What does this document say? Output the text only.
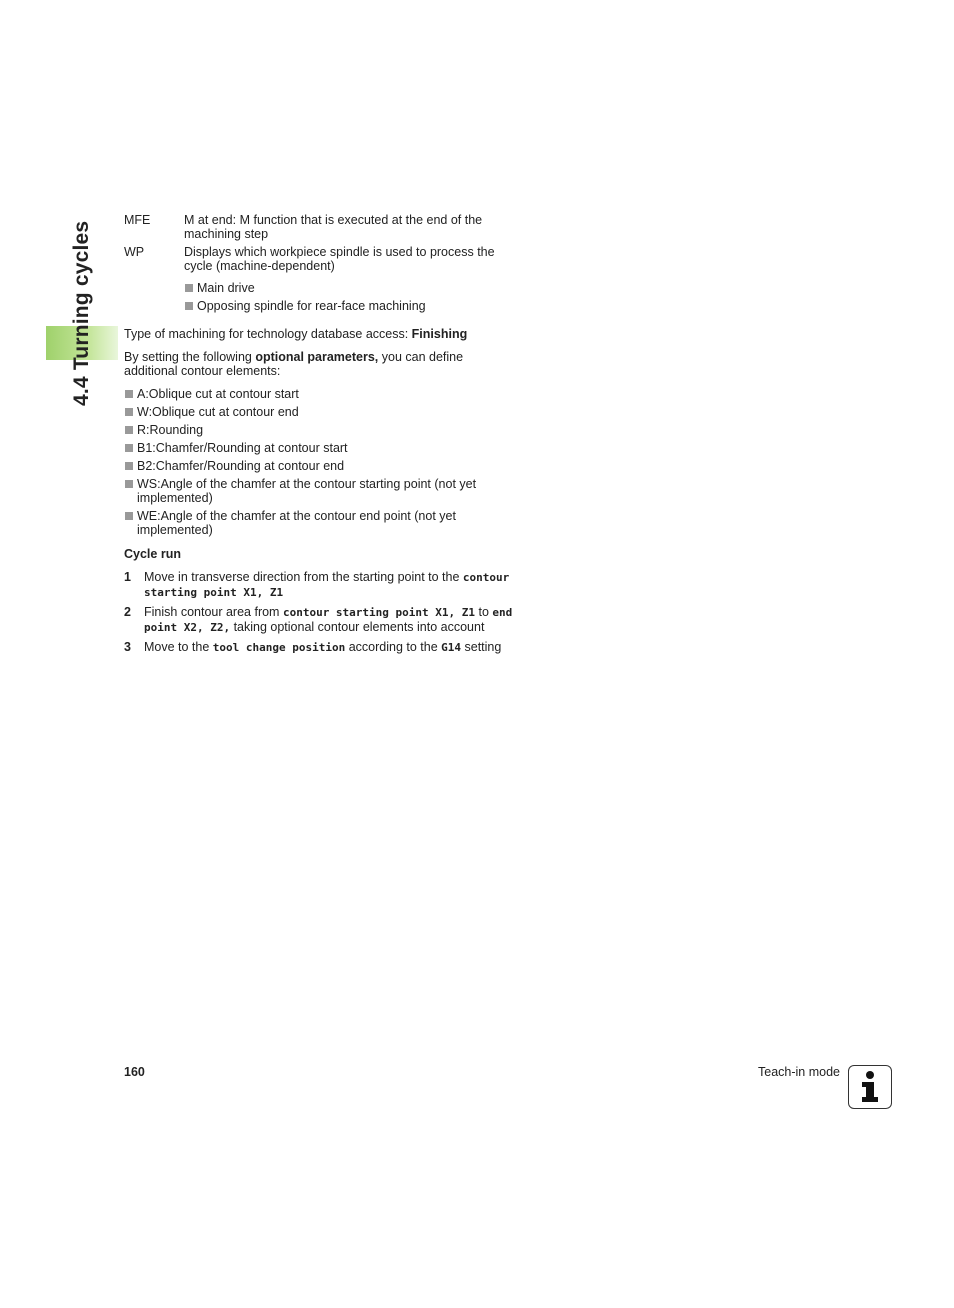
4.4 Turning cycles
MFE	M at end: M function that is executed at the end of the machining step
WP	Displays which workpiece spindle is used to process the cycle (machine-dependent)
Main drive
Opposing spindle for rear-face machining

Type of machining for technology database access: Finishing

By setting the following optional parameters, you can define additional contour elements:

A:Oblique cut at contour start
W:Oblique cut at contour end
R:Rounding
B1:Chamfer/Rounding at contour start
B2:Chamfer/Rounding at contour end
WS:Angle of the chamfer at the contour starting point (not yet implemented)
WE:Angle of the chamfer at the contour end point (not yet implemented)
Cycle run
1	Move in transverse direction from the starting point to the contour starting point X1, Z1
2	Finish contour area from contour starting point X1, Z1 to end point X2, Z2, taking optional contour elements into account
3	Move to the tool change position according to the G14 setting
160	Teach-in mode
